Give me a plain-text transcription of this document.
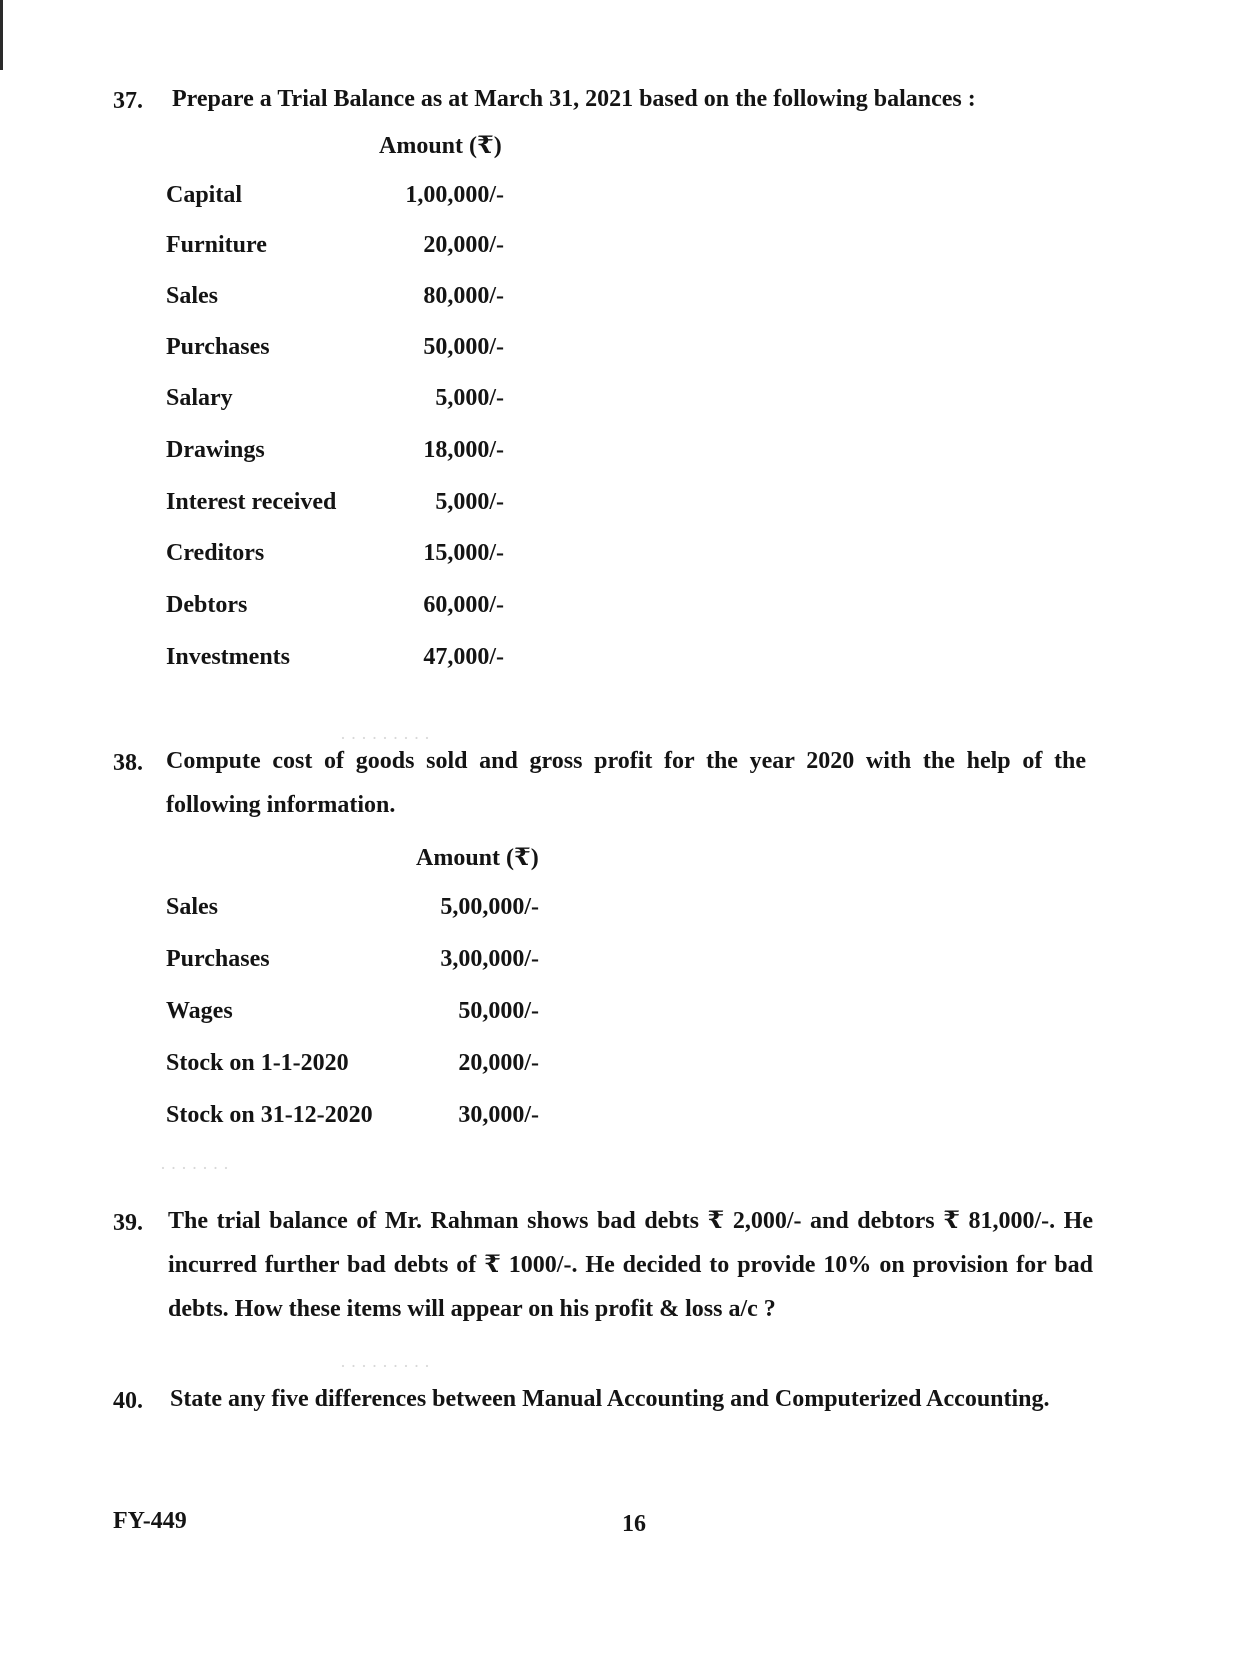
37. Prepare a Trial Balance as at March 31, 2021 based on the following balances :
Amount (₹)
Capital	1,00,000/-
Furniture	20,000/-
Sales	80,000/-
Purchases	50,000/-
Salary	5,000/-
Drawings	18,000/-
Interest received	5,000/-
Creditors	15,000/-
Debtors	60,000/-
Investments	47,000/-
· · · · · · · · ·
38. Compute cost of goods sold and gross profit for the year 2020 with the help of the following information.
Amount (₹)
Sales	5,00,000/-
Purchases	3,00,000/-
Wages	50,000/-
Stock on 1-1-2020	20,000/-
Stock on 31-12-2020	30,000/-
· · · · · · ·
39. The trial balance of Mr. Rahman shows bad debts ₹ 2,000/- and debtors ₹ 81,000/-. He incurred further bad debts of ₹ 1000/-. He decided to provide 10% on provision for bad debts. How these items will appear on his profit & loss a/c ?
· · · · · · · · ·
40. State any five differences between Manual Accounting and Computerized Accounting.
FY-449	16
